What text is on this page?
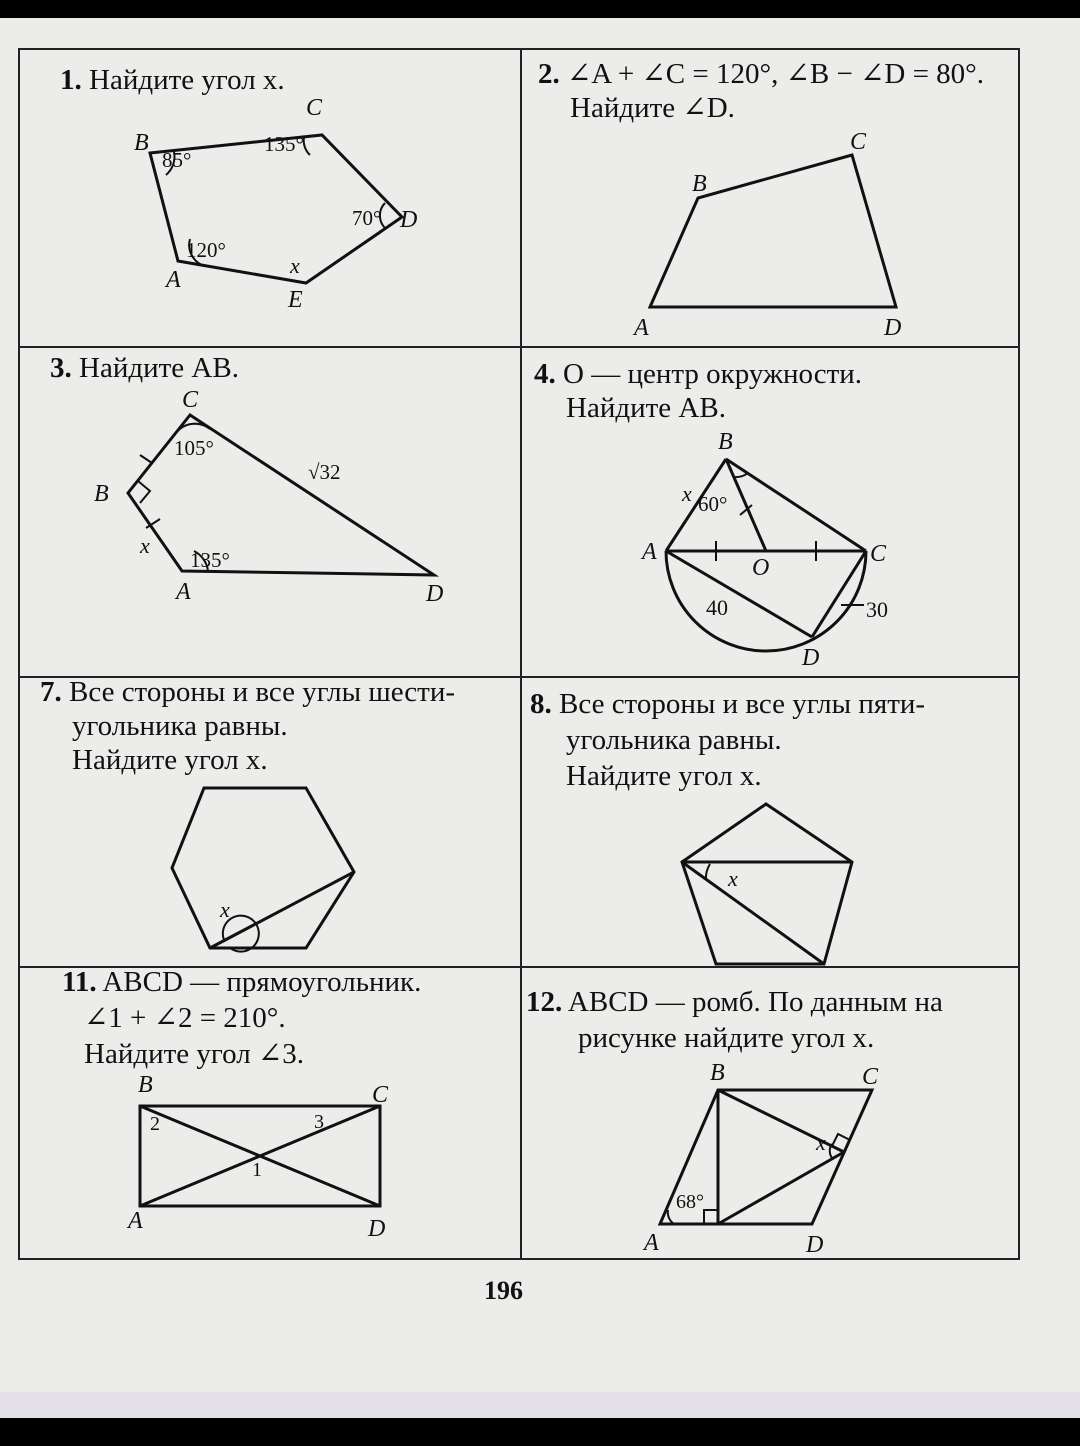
1. Найдите угол x.
B
C
D
E
A
85°
135°
70°
120°
x
2. ∠A + ∠C = 120°, ∠B − ∠D = 80°.
Найдите ∠D.
A
B
C
D
3. Найдите AB.
C
B
A	D
x
105°
135°
√32
4. O — центр окружности.
Найдите AB.
B
A	C
D
O
x 60°
40	30
7. Все стороны и все углы шести-
угольника равны.
Найдите угол x.
x
8. Все стороны и все углы пяти-
угольника равны.
Найдите угол x.
x
11. ABCD — прямоугольник.
∠1 + ∠2 = 210°.
Найдите угол ∠3.
B	C
A	D
2	3
1
12. ABCD — ромб. По данным на
рисунке найдите угол x.
B	C
A	D
x
68°
196
